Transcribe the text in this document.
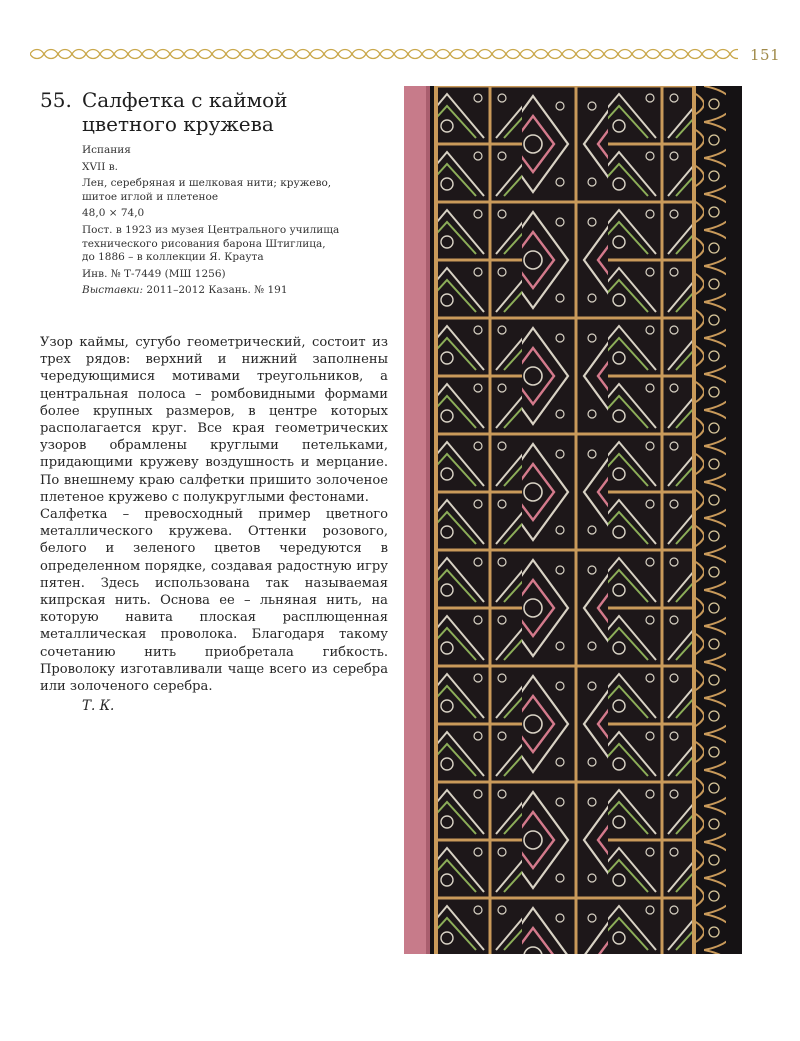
151
55. Салфетка с каймой
цветного кружева

Испания

XVII в.

Лен, серебряная и шелковая нити; кружево,
шитое иглой и плетеное

48,0 × 74,0

Пост. в 1923 из музея Центрального училища
технического рисования барона Штиглица,
до 1886 – в коллекции Я. Краута

Инв. № Т-7449 (МШ 1256)

Выставки: 2011–2012 Казань. № 191

Узор каймы, сугубо геометрический, состоит из трех рядов: верхний и нижний заполнены чередующимися мотивами треугольников, а центральная полоса – ромбовидными формами более крупных размеров, в центре которых располагается круг. Все края геометрических узоров обрамлены круглыми петельками, придающими кружеву воздушность и мерцание. По внешнему краю салфетки пришито золоченое плетеное кружево с полукруглыми фестонами.

Салфетка – превосходный пример цветного металлического кружева. Оттенки розового, белого и зеленого цветов чередуются в определенном порядке, создавая радостную игру пятен. Здесь использована так называемая кипрская нить. Основа ее – льняная нить, на которую навита плоская расплющенная металлическая проволока. Благодаря такому сочетанию нить приобретала гибкость. Проволоку изготавливали чаще всего из серебра или золоченого серебра.

Т. К.
